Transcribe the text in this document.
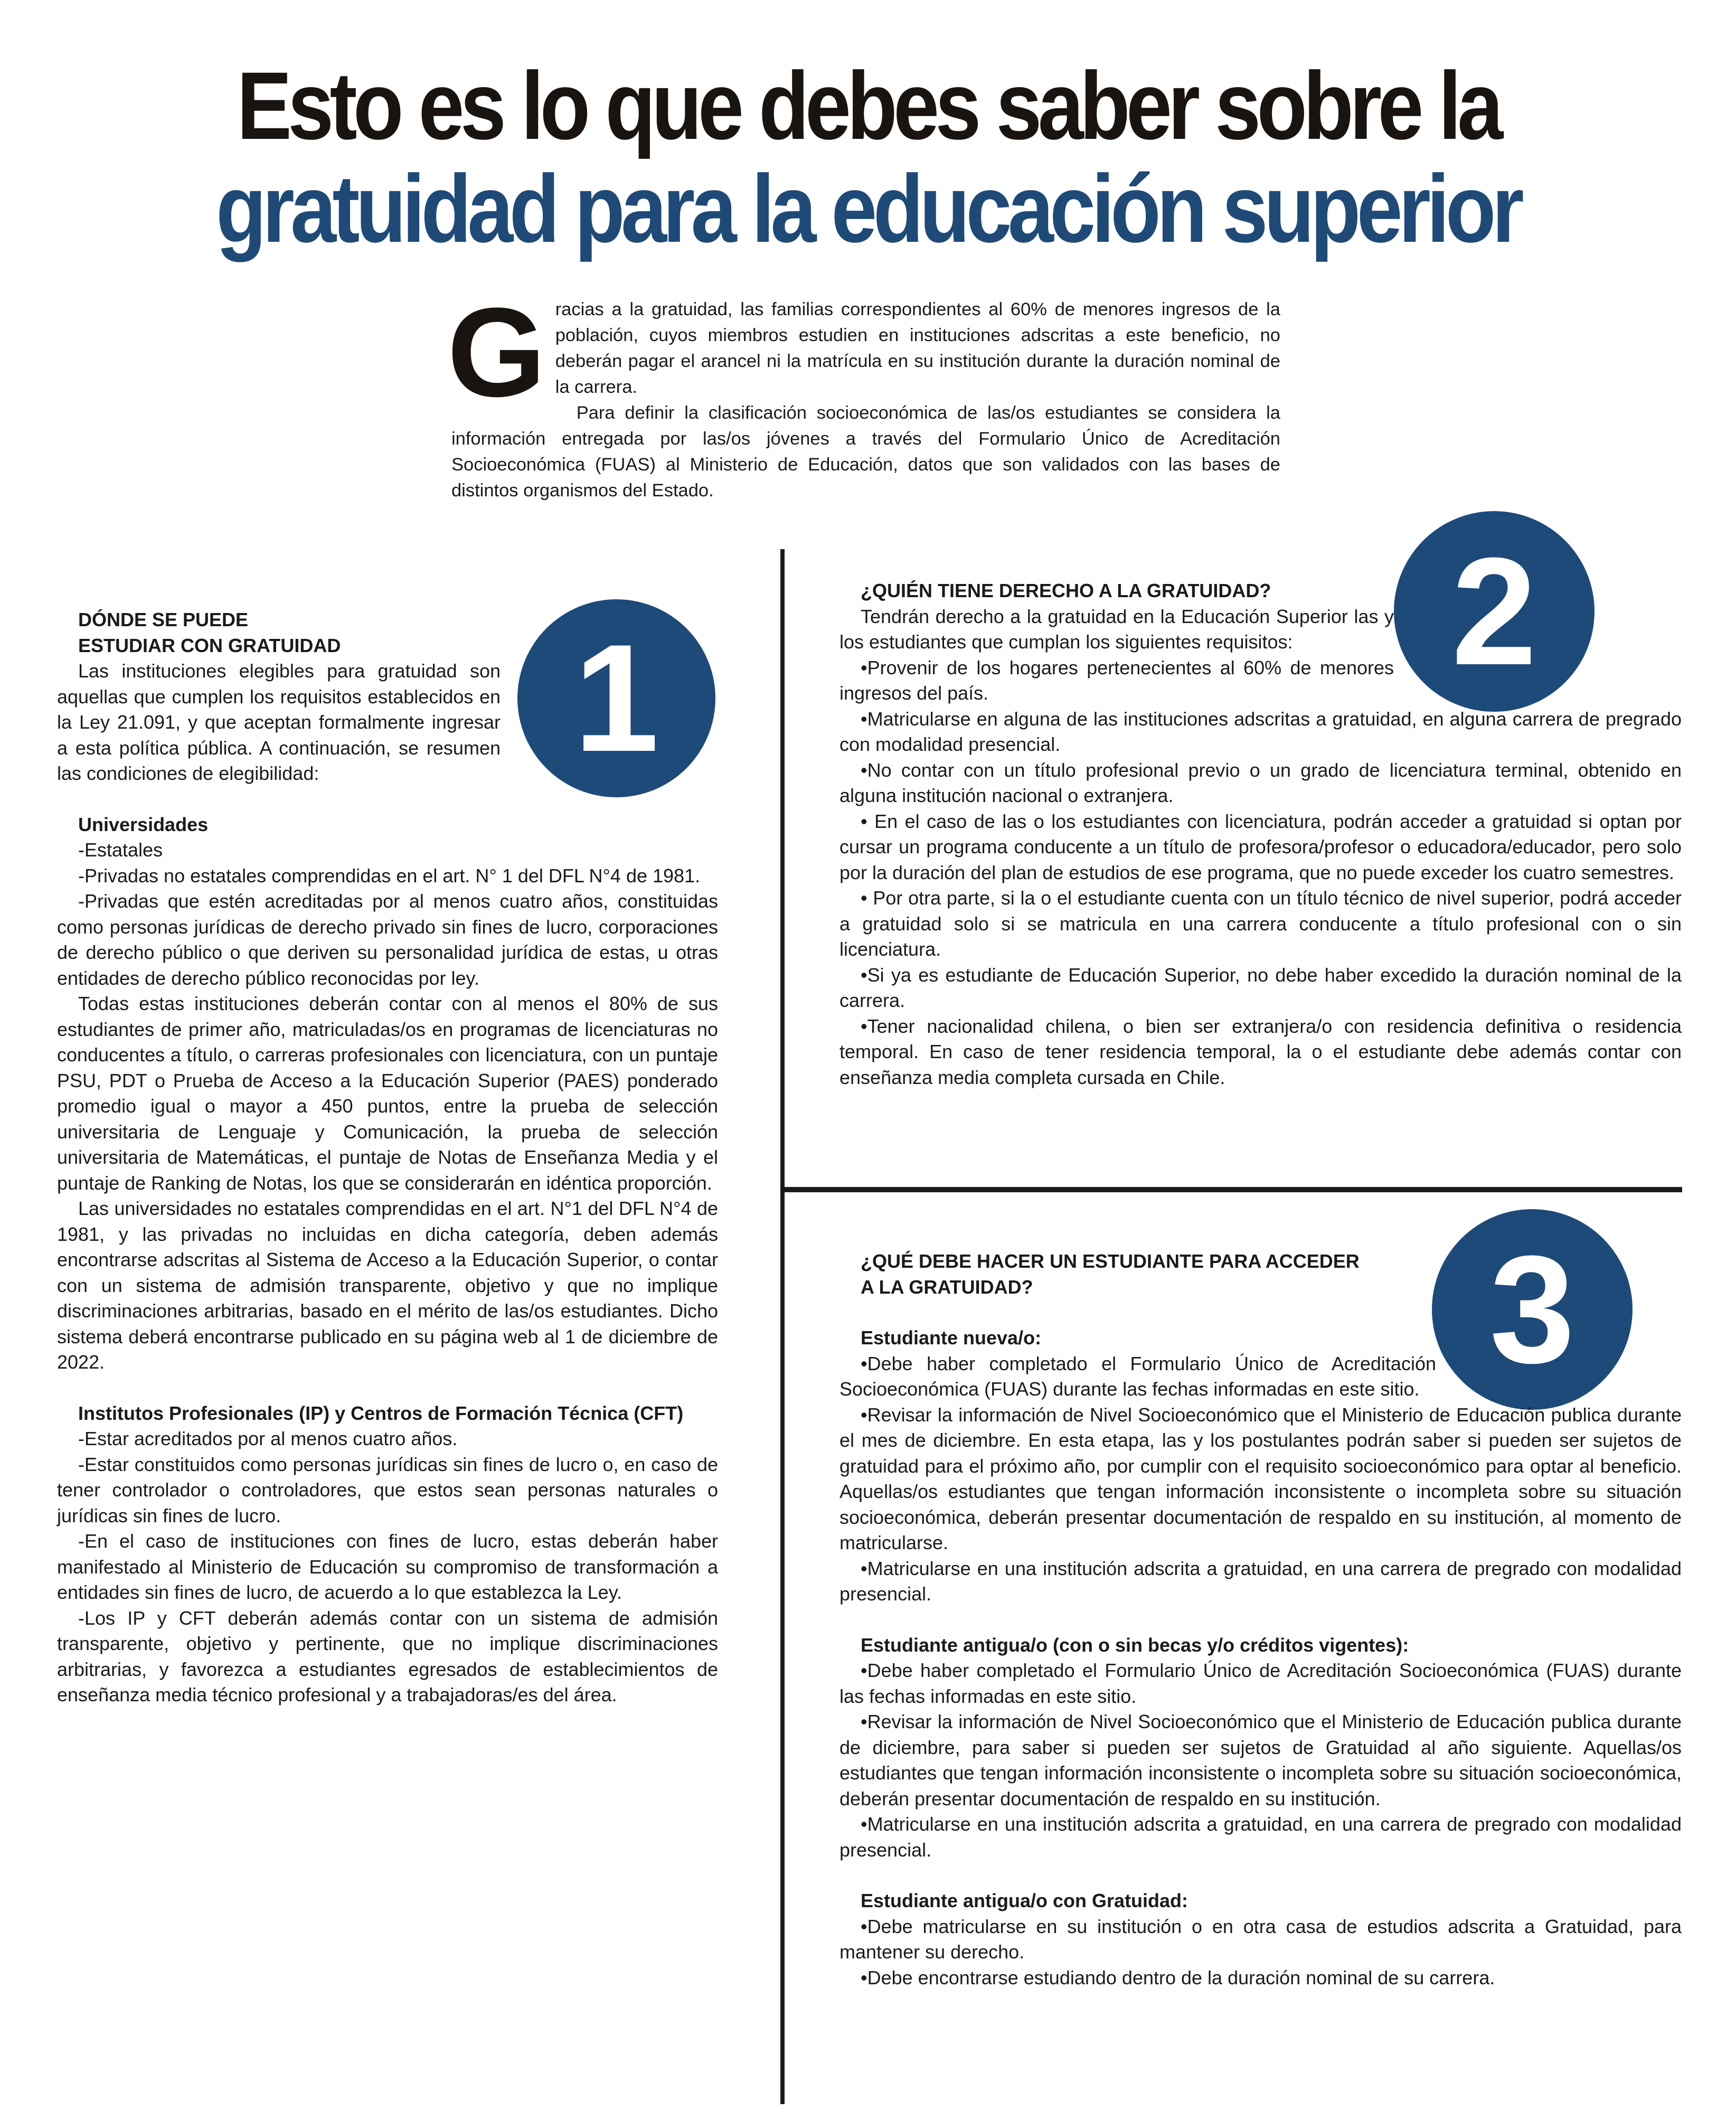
Esto es lo que debes saber sobre la
gratuidad para la educación superior
G racias a la gratuidad, las familias correspondientes al 60% de menores ingresos de la población, cuyos miembros estudien en instituciones adscritas a este beneficio, no deberán pagar el arancel ni la matrícula en su institución durante la duración nominal de la carrera.

Para definir la clasificación socioeconómica de las/os estudiantes se considera la información entregada por las/os jóvenes a través del Formulario Único de Acreditación Socioeconómica (FUAS) al Ministerio de Educación, datos que son validados con las bases de distintos organismos del Estado.

1
2
3

DÓNDE SE PUEDE

ESTUDIAR CON GRATUIDAD

Las instituciones elegibles para gratuidad son aquellas que cumplen los requisitos establecidos en la Ley 21.091, y que aceptan formalmente ingresar a esta política pública. A continuación, se resumen las condiciones de elegibilidad:

Universidades

-Estatales

-Privadas no estatales comprendidas en el art. N° 1 del DFL N°4 de 1981.

-Privadas que estén acreditadas por al menos cuatro años, constituidas como personas jurídicas de derecho privado sin fines de lucro, corporaciones de derecho público o que deriven su personalidad jurídica de estas, u otras entidades de derecho público reconocidas por ley.

Todas estas instituciones deberán contar con al menos el 80% de sus estudiantes de primer año, matriculadas/os en programas de licenciaturas no conducentes a título, o carreras profesionales con licenciatura, con un puntaje PSU, PDT o Prueba de Acceso a la Educación Superior (PAES) ponderado promedio igual o mayor a 450 puntos, entre la prueba de selección universitaria de Lenguaje y Comunicación, la prueba de selección universitaria de Matemáticas, el puntaje de Notas de Enseñanza Media y el puntaje de Ranking de Notas, los que se considerarán en idéntica proporción.

Las universidades no estatales comprendidas en el art. N°1 del DFL N°4 de 1981, y las privadas no incluidas en dicha categoría, deben además encontrarse adscritas al Sistema de Acceso a la Educación Superior, o contar con un sistema de admisión transparente, objetivo y que no implique discriminaciones arbitrarias, basado en el mérito de las/os estudiantes. Dicho sistema deberá encontrarse publicado en su página web al 1 de diciembre de 2022.

Institutos Profesionales (IP) y Centros de Formación Técnica (CFT)

-Estar acreditados por al menos cuatro años.

-Estar constituidos como personas jurídicas sin fines de lucro o, en caso de tener controlador o controladores, que estos sean personas naturales o jurídicas sin fines de lucro.

-En el caso de instituciones con fines de lucro, estas deberán haber manifestado al Ministerio de Educación su compromiso de transformación a entidades sin fines de lucro, de acuerdo a lo que establezca la Ley.

-Los IP y CFT deberán además contar con un sistema de admisión transparente, objetivo y pertinente, que no implique discriminaciones arbitrarias, y favorezca a estudiantes egresados de establecimientos de enseñanza media técnico profesional y a trabajadoras/es del área.

¿QUIÉN TIENE DERECHO A LA GRATUIDAD?

Tendrán derecho a la gratuidad en la Educación Superior las y los estudiantes que cumplan los siguientes requisitos:

•Provenir de los hogares pertenecientes al 60% de menores ingresos del país.

•Matricularse en alguna de las instituciones adscritas a gratuidad, en alguna carrera de pregrado con modalidad presencial.

•No contar con un título profesional previo o un grado de licenciatura terminal, obtenido en alguna institución nacional o extranjera.

• En el caso de las o los estudiantes con licenciatura, podrán acceder a gratuidad si optan por cursar un programa conducente a un título de profesora/profesor o educadora/educador, pero solo por la duración del plan de estudios de ese programa, que no puede exceder los cuatro semestres.

• Por otra parte, si la o el estudiante cuenta con un título técnico de nivel superior, podrá acceder a gratuidad solo si se matricula en una carrera conducente a título profesional con o sin licenciatura.

•Si ya es estudiante de Educación Superior, no debe haber excedido la duración nominal de la carrera.

•Tener nacionalidad chilena, o bien ser extranjera/o con residencia definitiva o residencia temporal. En caso de tener residencia temporal, la o el estudiante debe además contar con enseñanza media completa cursada en Chile.

¿QUÉ DEBE HACER UN ESTUDIANTE PARA ACCEDER

A LA GRATUIDAD?

Estudiante nueva/o:

•Debe haber completado el Formulario Único de Acreditación Socioeconómica (FUAS) durante las fechas informadas en este sitio.

•Revisar la información de Nivel Socioeconómico que el Ministerio de Educación publica durante el mes de diciembre. En esta etapa, las y los postulantes podrán saber si pueden ser sujetos de gratuidad para el próximo año, por cumplir con el requisito socioeconómico para optar al beneficio. Aquellas/os estudiantes que tengan información inconsistente o incompleta sobre su situación socioeconómica, deberán presentar documentación de respaldo en su institución, al momento de matricularse.

•Matricularse en una institución adscrita a gratuidad, en una carrera de pregrado con modalidad presencial.

Estudiante antigua/o (con o sin becas y/o créditos vigentes):

•Debe haber completado el Formulario Único de Acreditación Socioeconómica (FUAS) durante las fechas informadas en este sitio.

•Revisar la información de Nivel Socioeconómico que el Ministerio de Educación publica durante de diciembre, para saber si pueden ser sujetos de Gratuidad al año siguiente. Aquellas/os estudiantes que tengan información inconsistente o incompleta sobre su situación socioeconómica, deberán presentar documentación de respaldo en su institución.

•Matricularse en una institución adscrita a gratuidad, en una carrera de pregrado con modalidad presencial.

Estudiante antigua/o con Gratuidad:

•Debe matricularse en su institución o en otra casa de estudios adscrita a Gratuidad, para mantener su derecho.

•Debe encontrarse estudiando dentro de la duración nominal de su carrera.
